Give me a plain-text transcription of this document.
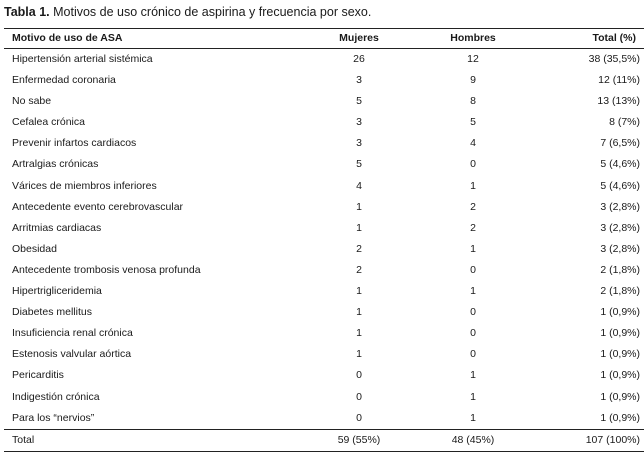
Tabla 1. Motivos de uso crónico de aspirina y frecuencia por sexo.
Motivo de uso de ASA	Mujeres	Hombres	Total (%)
Hipertensión arterial sistémica	26	12	38 (35,5%)
Enfermedad coronaria	3	9	12 (11%)
No sabe	5	8	13 (13%)
Cefalea crónica	3	5	8 (7%)
Prevenir infartos cardiacos	3	4	7 (6,5%)
Artralgias crónicas	5	0	5 (4,6%)
Várices de miembros inferiores	4	1	5 (4,6%)
Antecedente evento cerebrovascular	1	2	3 (2,8%)
Arritmias cardiacas	1	2	3 (2,8%)
Obesidad	2	1	3 (2,8%)
Antecedente trombosis venosa profunda	2	0	2 (1,8%)
Hipertrigliceridemia	1	1	2 (1,8%)
Diabetes mellitus	1	0	1 (0,9%)
Insuficiencia renal crónica	1	0	1 (0,9%)
Estenosis valvular aórtica	1	0	1 (0,9%)
Pericarditis	0	1	1 (0,9%)
Indigestión crónica	0	1	1 (0,9%)
Para los “nervios”	0	1	1 (0,9%)
Total	59 (55%)	48 (45%)	107 (100%)
